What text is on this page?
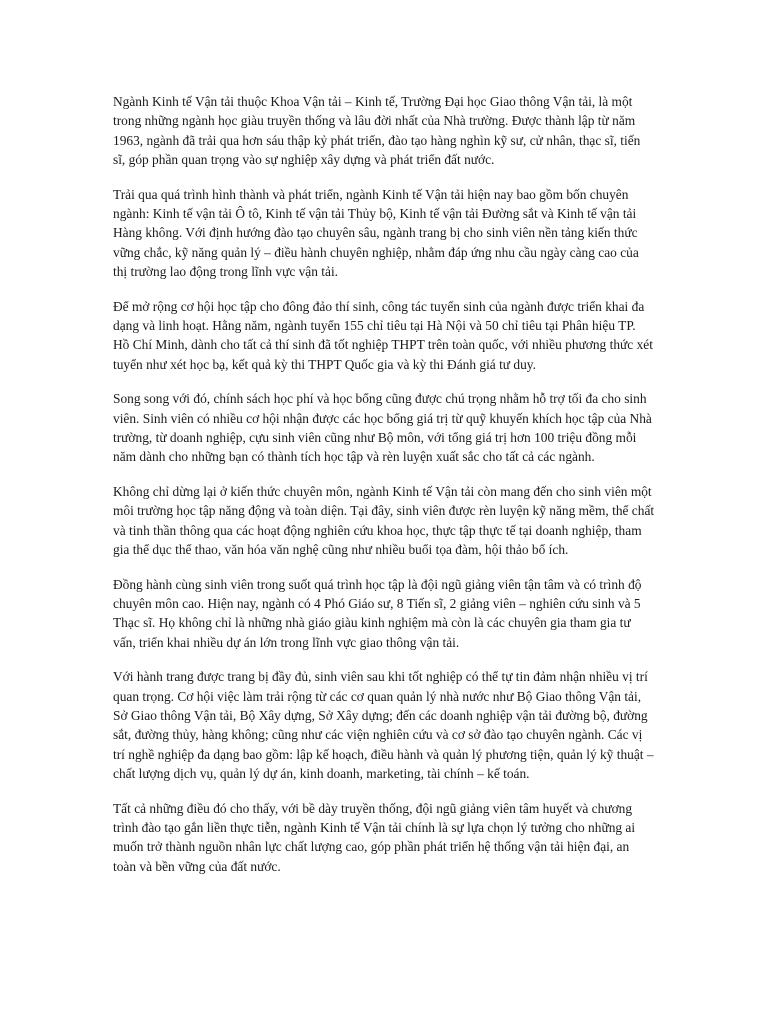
Ngành Kinh tế Vận tải thuộc Khoa Vận tải – Kinh tế, Trường Đại học Giao thông Vận tải, là một trong những ngành học giàu truyền thống và lâu đời nhất của Nhà trường. Được thành lập từ năm 1963, ngành đã trải qua hơn sáu thập kỷ phát triển, đào tạo hàng nghìn kỹ sư, cử nhân, thạc sĩ, tiến sĩ, góp phần quan trọng vào sự nghiệp xây dựng và phát triển đất nước.

Trải qua quá trình hình thành và phát triển, ngành Kinh tế Vận tải hiện nay bao gồm bốn chuyên ngành: Kinh tế vận tải Ô tô, Kinh tế vận tải Thủy bộ, Kinh tế vận tải Đường sắt và Kinh tế vận tải Hàng không. Với định hướng đào tạo chuyên sâu, ngành trang bị cho sinh viên nền tảng kiến thức vững chắc, kỹ năng quản lý – điều hành chuyên nghiệp, nhằm đáp ứng nhu cầu ngày càng cao của thị trường lao động trong lĩnh vực vận tải.

Để mở rộng cơ hội học tập cho đông đảo thí sinh, công tác tuyển sinh của ngành được triển khai đa dạng và linh hoạt. Hằng năm, ngành tuyển 155 chỉ tiêu tại Hà Nội và 50 chỉ tiêu tại Phân hiệu TP. Hồ Chí Minh, dành cho tất cả thí sinh đã tốt nghiệp THPT trên toàn quốc, với nhiều phương thức xét tuyển như xét học bạ, kết quả kỳ thi THPT Quốc gia và kỳ thi Đánh giá tư duy.

Song song với đó, chính sách học phí và học bổng cũng được chú trọng nhằm hỗ trợ tối đa cho sinh viên. Sinh viên có nhiều cơ hội nhận được các học bổng giá trị từ quỹ khuyến khích học tập của Nhà trường, từ doanh nghiệp, cựu sinh viên cũng như Bộ môn, với tổng giá trị hơn 100 triệu đồng mỗi năm dành cho những bạn có thành tích học tập và rèn luyện xuất sắc cho tất cả các ngành.

Không chỉ dừng lại ở kiến thức chuyên môn, ngành Kinh tế Vận tải còn mang đến cho sinh viên một môi trường học tập năng động và toàn diện. Tại đây, sinh viên được rèn luyện kỹ năng mềm, thể chất và tinh thần thông qua các hoạt động nghiên cứu khoa học, thực tập thực tế tại doanh nghiệp, tham gia thể dục thể thao, văn hóa văn nghệ cũng như nhiều buổi tọa đàm, hội thảo bổ ích.

Đồng hành cùng sinh viên trong suốt quá trình học tập là đội ngũ giảng viên tận tâm và có trình độ chuyên môn cao. Hiện nay, ngành có 4 Phó Giáo sư, 8 Tiến sĩ, 2 giảng viên – nghiên cứu sinh và 5 Thạc sĩ. Họ không chỉ là những nhà giáo giàu kinh nghiệm mà còn là các chuyên gia tham gia tư vấn, triển khai nhiều dự án lớn trong lĩnh vực giao thông vận tải.

Với hành trang được trang bị đầy đủ, sinh viên sau khi tốt nghiệp có thể tự tin đảm nhận nhiều vị trí quan trọng. Cơ hội việc làm trải rộng từ các cơ quan quản lý nhà nước như Bộ Giao thông Vận tải, Sở Giao thông Vận tải, Bộ Xây dựng, Sở Xây dựng; đến các doanh nghiệp vận tải đường bộ, đường sắt, đường thủy, hàng không; cũng như các viện nghiên cứu và cơ sở đào tạo chuyên ngành. Các vị trí nghề nghiệp đa dạng bao gồm: lập kế hoạch, điều hành và quản lý phương tiện, quản lý kỹ thuật – chất lượng dịch vụ, quản lý dự án, kinh doanh, marketing, tài chính – kế toán.

Tất cả những điều đó cho thấy, với bề dày truyền thống, đội ngũ giảng viên tâm huyết và chương trình đào tạo gắn liền thực tiễn, ngành Kinh tế Vận tải chính là sự lựa chọn lý tưởng cho những ai muốn trở thành nguồn nhân lực chất lượng cao, góp phần phát triển hệ thống vận tải hiện đại, an toàn và bền vững của đất nước.
